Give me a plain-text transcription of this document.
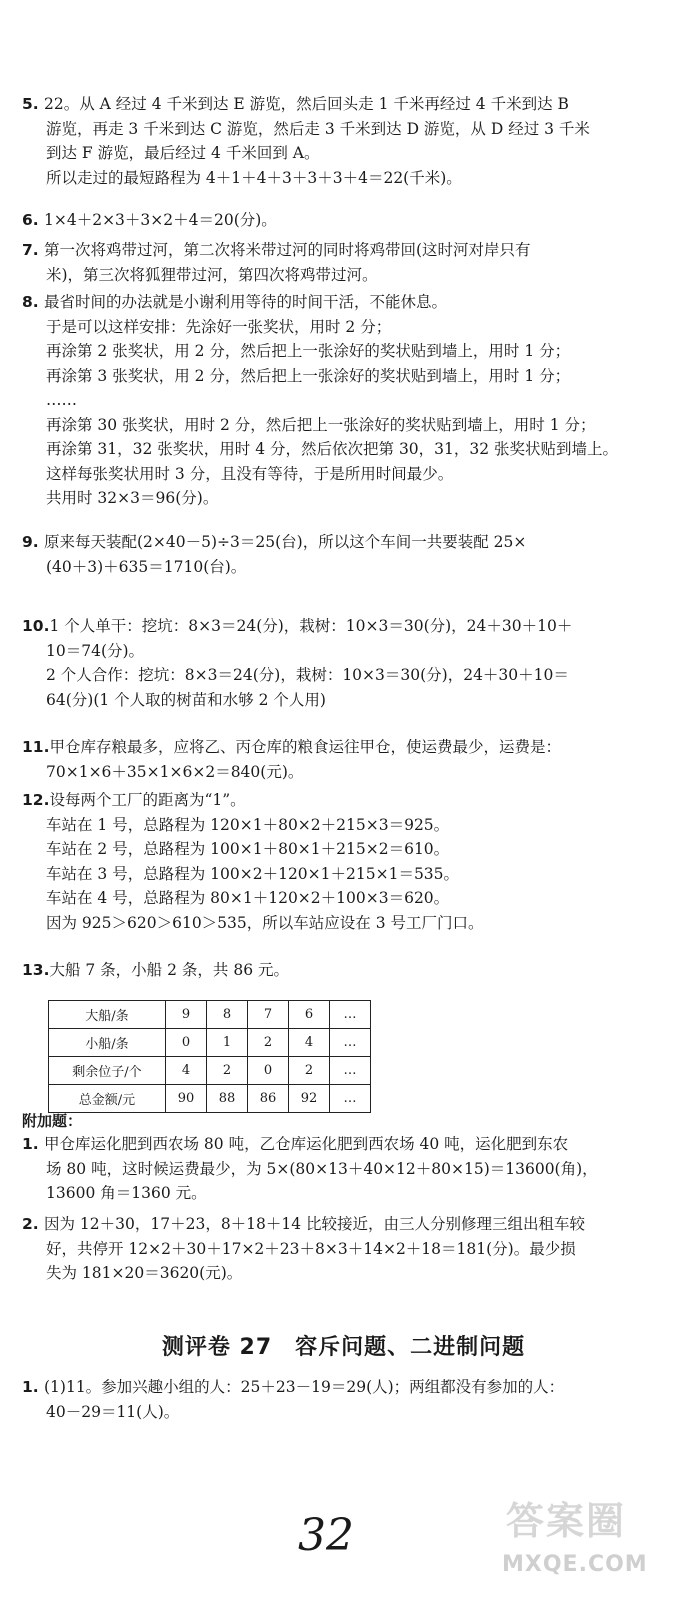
5. 22。从 A 经过 4 千米到达 E 游览，然后回头走 1 千米再经过 4 千米到达 B

游览，再走 3 千米到达 C 游览，然后走 3 千米到达 D 游览，从 D 经过 3 千米

到达 F 游览，最后经过 4 千米回到 A。

所以走过的最短路程为 4＋1＋4＋3＋3＋3＋4＝22(千米)。

6. 1×4＋2×3＋3×2＋4＝20(分)。

7. 第一次将鸡带过河，第二次将米带过河的同时将鸡带回(这时河对岸只有

米)，第三次将狐狸带过河，第四次将鸡带过河。

8. 最省时间的办法就是小谢利用等待的时间干活，不能休息。

于是可以这样安排：先涂好一张奖状，用时 2 分；

再涂第 2 张奖状，用 2 分，然后把上一张涂好的奖状贴到墙上，用时 1 分；

再涂第 3 张奖状，用 2 分，然后把上一张涂好的奖状贴到墙上，用时 1 分；

……

再涂第 30 张奖状，用时 2 分，然后把上一张涂好的奖状贴到墙上，用时 1 分；

再涂第 31，32 张奖状，用时 4 分，然后依次把第 30，31，32 张奖状贴到墙上。

这样每张奖状用时 3 分，且没有等待，于是所用时间最少。

共用时 32×3＝96(分)。

9. 原来每天装配(2×40－5)÷3＝25(台)，所以这个车间一共要装配 25×

(40＋3)＋635＝1710(台)。

10.1 个人单干：挖坑：8×3＝24(分)，栽树：10×3＝30(分)，24＋30＋10＋

10＝74(分)。

2 个人合作：挖坑：8×3＝24(分)，栽树：10×3＝30(分)，24＋30＋10＝

64(分)(1 个人取的树苗和水够 2 个人用)

11.甲仓库存粮最多，应将乙、丙仓库的粮食运往甲仓，使运费最少，运费是：

70×1×6＋35×1×6×2＝840(元)。

12.设每两个工厂的距离为“1”。

车站在 1 号，总路程为 120×1＋80×2＋215×3＝925。

车站在 2 号，总路程为 100×1＋80×1＋215×2＝610。

车站在 3 号，总路程为 100×2＋120×1＋215×1＝535。

车站在 4 号，总路程为 80×1＋120×2＋100×3＝620。

因为 925＞620＞610＞535，所以车站应设在 3 号工厂门口。

13.大船 7 条，小船 2 条，共 86 元。

大船/条	9	8	7	6	…
小船/条	0	1	2	4	…
剩余位子/个	4	2	0	2	…
总金额/元	90	88	86	92	…
附加题：

1. 甲仓库运化肥到西农场 80 吨，乙仓库运化肥到西农场 40 吨，运化肥到东农

场 80 吨，这时候运费最少，为 5×(80×13＋40×12＋80×15)＝13600(角)，

13600 角＝1360 元。

2. 因为 12＋30，17＋23，8＋18＋14 比较接近，由三人分别修理三组出租车较

好，共停开 12×2＋30＋17×2＋23＋8×3＋14×2＋18＝181(分)。最少损

失为 181×20＝3620(元)。

测评卷 27　容斥问题、二进制问题

1. (1)11。参加兴趣小组的人：25＋23－19＝29(人)；两组都没有参加的人：

40－29＝11(人)。

32	答案圈
MXQE.COM
